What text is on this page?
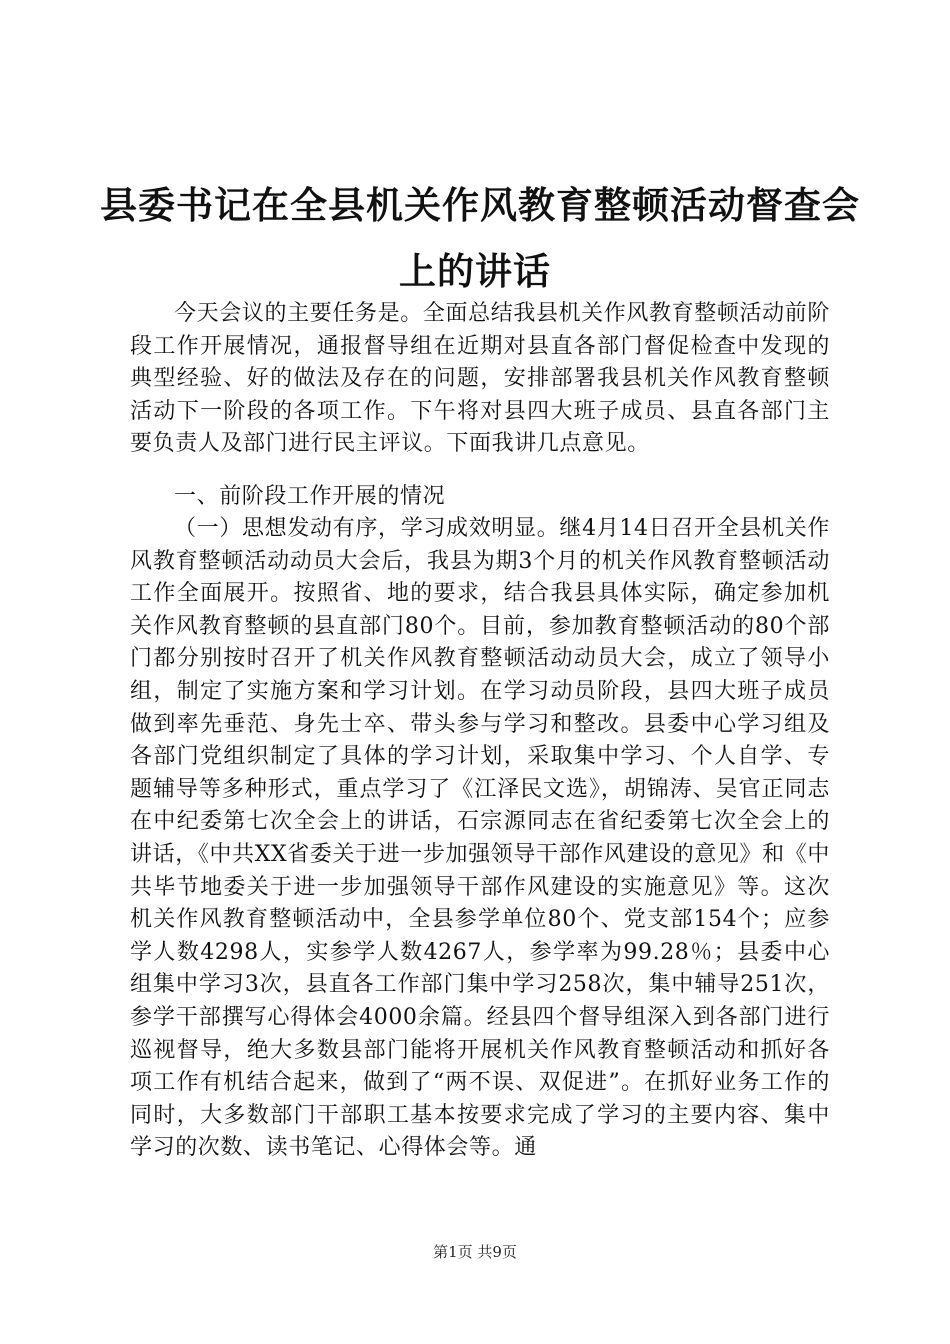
县委书记在全县机关作风教育整顿活动督查会
上的讲话

今天会议的主要任务是。全面总结我县机关作风教育整顿活动前阶段工作开展情况，通报督导组在近期对县直各部门督促检查中发现的典型经验、好的做法及存在的问题，安排部署我县机关作风教育整顿活动下一阶段的各项工作。下午将对县四大班子成员、县直各部门主要负责人及部门进行民主评议。下面我讲几点意见。

一、前阶段工作开展的情况

（一）思想发动有序，学习成效明显。继4月14日召开全县机关作风教育整顿活动动员大会后，我县为期3个月的机关作风教育整顿活动工作全面展开。按照省、地的要求，结合我县具体实际，确定参加机关作风教育整顿的县直部门80个。目前，参加教育整顿活动的80个部门都分别按时召开了机关作风教育整顿活动动员大会，成立了领导小组，制定了实施方案和学习计划。在学习动员阶段，县四大班子成员做到率先垂范、身先士卒、带头参与学习和整改。县委中心学习组及各部门党组织制定了具体的学习计划，采取集中学习、个人自学、专题辅导等多种形式，重点学习了《江泽民文选》，胡锦涛、吴官正同志在中纪委第七次全会上的讲话，石宗源同志在省纪委第七次全会上的讲话，《中共XX省委关于进一步加强领导干部作风建设的意见》和《中共毕节地委关于进一步加强领导干部作风建设的实施意见》等。这次机关作风教育整顿活动中，全县参学单位80个、党支部154个；应参学人数4298人，实参学人数4267人，参学率为99.28％；县委中心组集中学习3次，县直各工作部门集中学习258次，集中辅导251次，参学干部撰写心得体会4000余篇。经县四个督导组深入到各部门进行巡视督导，绝大多数县部门能将开展机关作风教育整顿活动和抓好各项工作有机结合起来，做到了“两不误、双促进”。在抓好业务工作的同时，大多数部门干部职工基本按要求完成了学习的主要内容、集中学习的次数、读书笔记、心得体会等。通

第1页 共9页
